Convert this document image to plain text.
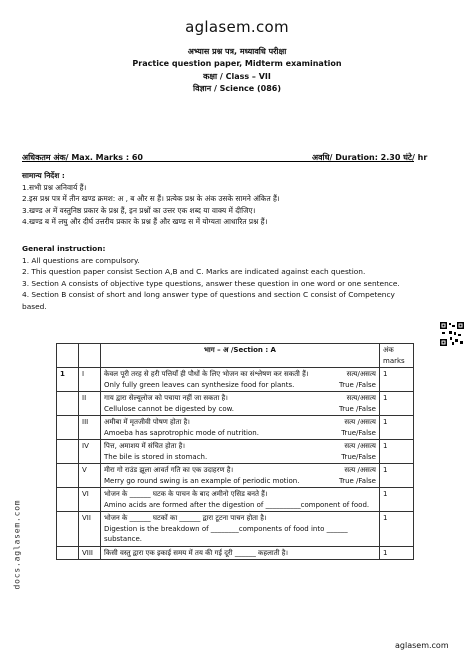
aglasem.com
अभ्यास प्रश्न पत्र, मध्यावधि परीक्षा
Practice question paper, Midterm examination
कक्षा / Class – VII
विज्ञान / Science (086)
अधिकतम अंक/ Max. Marks : 60	अवधि/ Duration: 2.30 घंटे/ hr
सामान्य निर्देश :
1.सभी प्रश्न अनिवार्य हैं।
2.इस प्रश्न पत्र में तीन खण्ड क्रमश: अ , ब और स हैं। प्रत्येक प्रश्न के अंक उसके सामने अंकित हैं।
3.खण्ड अ में वस्तुनिष्ठ प्रकार के प्रश्न हैं, इन प्रश्नों का उत्तर एक शब्द या वाक्य में दीजिए।
4.खण्ड ब में लघु और दीर्घ उत्तरीय प्रकार के प्रश्न हैं और खण्ड स में योग्यता आधारित प्रश्न हैं।
General instruction:
1. All questions are compulsory.
2. This question paper consist Section A,B and C. Marks are indicated against each question.
3. Section A consists of objective type questions, answer these question in one word or one sentence.
4. Section B consist of short and long answer type of questions and section C consist of Competency based.
		भाग – अ /Section : A	अंक marks
1	I	केवल पूरी तरह से हरी पत्तियाँ ही पौधों के लिए भोजन का संश्लेषण कर सकती हैं। सत्य/असत्य
Only fully green leaves can synthesize food for plants. True /False	1
	II	गाय द्वारा सेल्यूलोज को पचाया नहीं जा सकता है। सत्य/असत्य
Cellulose cannot be digested by cow. True /False	1
	III	अमीबा में मृतजीवी पोषण होता है। सत्य /असत्य
Amoeba has saprotrophic mode of nutrition. True/False	1
	IV	पित्त, अमाशय में संचित होता है। सत्य /असत्य
The bile is stored in stomach. True/False	1
	V	मीरा गो राउंड झूला आवर्त गति का एक उदाहरण है। सत्य /असत्य
Merry go round swing is an example of periodic motion. True /False	1
	VI	भोजन के ______ घटक के पाचन के बाद अमीनो एसिड बनते हैं।
Amino acids are formed after the digestion of __________component of food.	1
	VII	भोजन के ______ घटकों का ______ द्वारा टूटना पाचन होता है।
Digestion is the breakdown of ________components of food into ______ substance.	1
	VIII	किसी वस्तु द्वारा एक इकाई समय में तय की गई दूरी ______ कहलाती है।	1
docs.aglasem.com
aglasem.com
